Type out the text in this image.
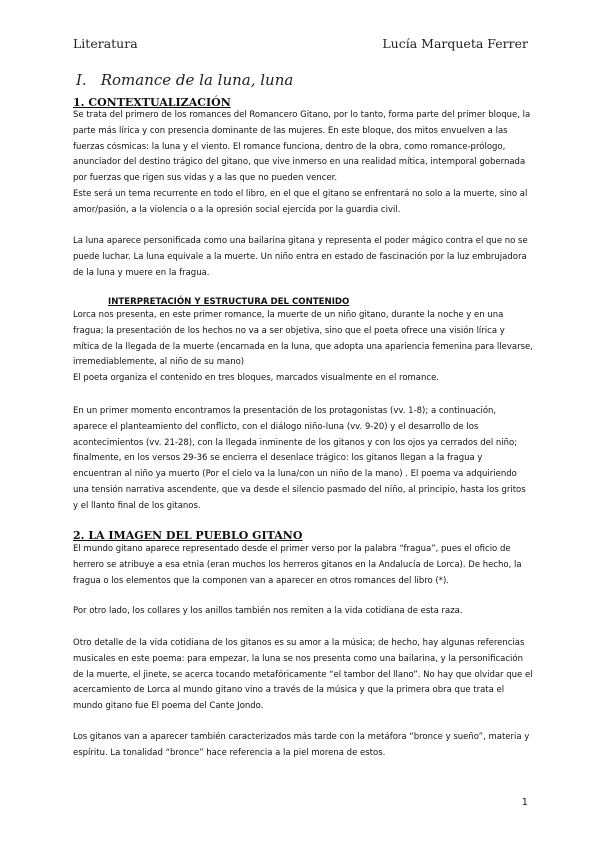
Literatura	Lucía Marqueta Ferrer
I. Romance de la luna, luna
1. CONTEXTUALIZACIÓN

Se trata del primero de los romances del Romancero Gitano, por lo tanto, forma parte del primer bloque, la parte más lírica y con presencia dominante de las mujeres. En este bloque, dos mitos envuelven a las fuerzas cósmicas: la luna y el viento. El romance funciona, dentro de la obra, como romance-prólogo, anunciador del destino trágico del gitano, que vive inmerso en una realidad mítica, intemporal gobernada por fuerzas que rigen sus vidas y a las que no pueden vencer.

Este será un tema recurrente en todo el libro, en el que el gitano se enfrentará no solo a la muerte, sino al amor/pasión, a la violencia o a la opresión social ejercida por la guardia civil.

La luna aparece personificada como una bailarina gitana y representa el poder mágico contra el que no se puede luchar. La luna equivale a la muerte. Un niño entra en estado de fascinación por la luz embrujadora de la luna y muere en la fragua.

INTERPRETACIÓN Y ESTRUCTURA DEL CONTENIDO

Lorca nos presenta, en este primer romance, la muerte de un niño gitano, durante la noche y en una fragua; la presentación de los hechos no va a ser objetiva, sino que el poeta ofrece una visión lírica y mítica de la llegada de la muerte (encarnada en la luna, que adopta una apariencia femenina para llevarse, irremediablemente, al niño de su mano)

El poeta organiza el contenido en tres bloques, marcados visualmente en el romance.

En un primer momento encontramos la presentación de los protagonistas (vv. 1-8); a continuación, aparece el planteamiento del conflicto, con el diálogo niño-luna (vv. 9-20) y el desarrollo de los acontecimientos (vv. 21-28), con la llegada inminente de los gitanos y con los ojos ya cerrados del niño; finalmente, en los versos 29-36 se encierra el desenlace trágico: los gitanos llegan a la fragua y encuentran al niño ya muerto (Por el cielo va la luna/con un niño de la mano) . El poema va adquiriendo una tensión narrativa ascendente, que va desde el silencio pasmado del niño, al principio, hasta los gritos y el llanto final de los gitanos.

2. LA IMAGEN DEL PUEBLO GITANO

El mundo gitano aparece representado desde el primer verso por la palabra “fragua”, pues el oficio de herrero se atribuye a esa etnia (eran muchos los herreros gitanos en la Andalucía de Lorca). De hecho, la fragua o los elementos que la componen van a aparecer en otros romances del libro (*).

Por otro lado, los collares y los anillos también nos remiten a la vida cotidiana de esta raza.

Otro detalle de la vida cotidiana de los gitanos es su amor a la música; de hecho, hay algunas referencias musicales en este poema: para empezar, la luna se nos presenta como una bailarina, y la personificación de la muerte, el jinete, se acerca tocando metafóricamente “el tambor del llano”. No hay que olvidar que el acercamiento de Lorca al mundo gitano vino a través de la música y que la primera obra que trata el mundo gitano fue El poema del Cante Jondo.

Los gitanos van a aparecer también caracterizados más tarde con la metáfora “bronce y sueño”, materia y espíritu. La tonalidad “bronce” hace referencia a la piel morena de estos.

1
